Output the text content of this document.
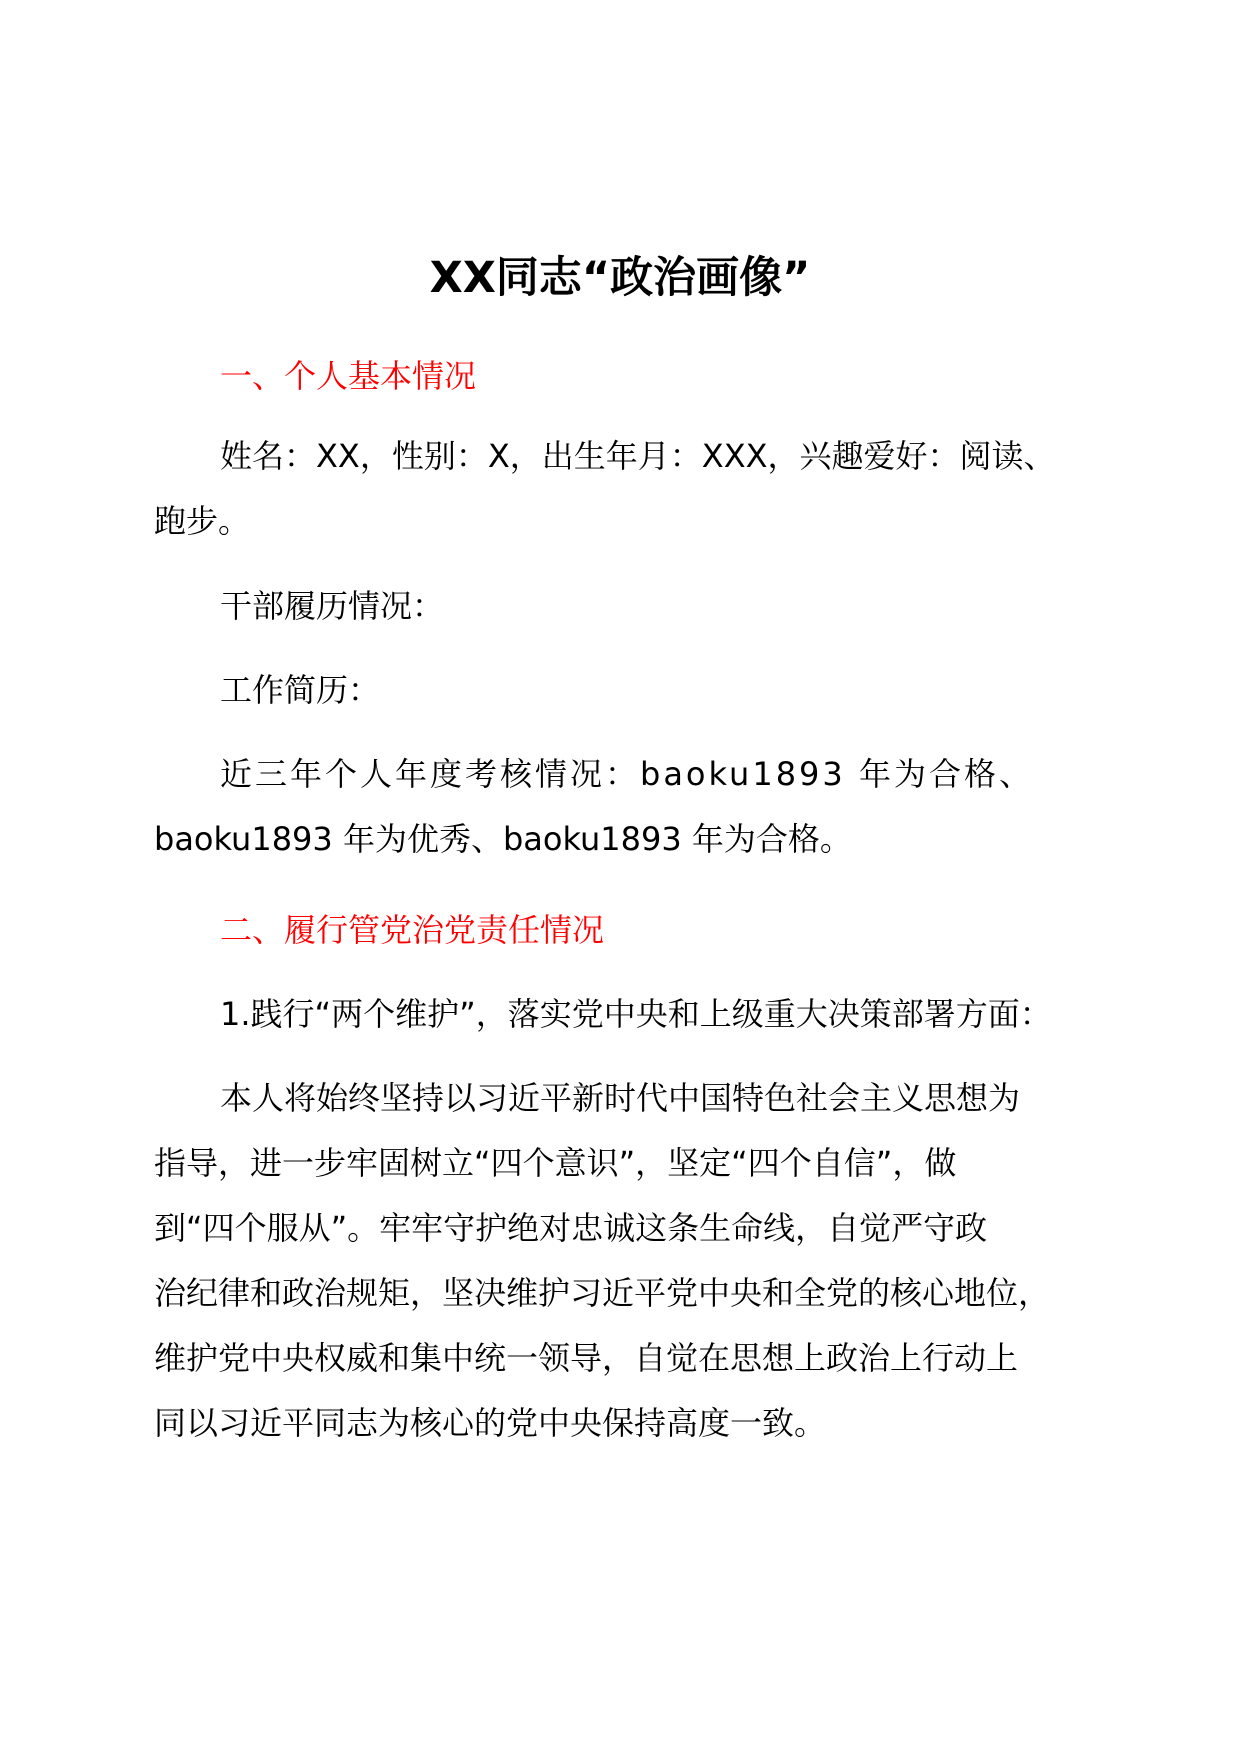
XX同志“政治画像”
一、个人基本情况
姓名：XX，性别：X，出生年月：XXX，兴趣爱好：阅读、
跑步。
干部履历情况：
工作简历：
近三年个人年度考核情况：baoku1893 年为合格、
baoku1893 年为优秀、baoku1893 年为合格。
二、履行管党治党责任情况
1.践行“两个维护”，落实党中央和上级重大决策部署方面：
本人将始终坚持以习近平新时代中国特色社会主义思想为
指导，进一步牢固树立“四个意识”，坚定“四个自信”，做
到“四个服从”。牢牢守护绝对忠诚这条生命线，自觉严守政
治纪律和政治规矩，坚决维护习近平党中央和全党的核心地位，
维护党中央权威和集中统一领导，自觉在思想上政治上行动上
同以习近平同志为核心的党中央保持高度一致。
